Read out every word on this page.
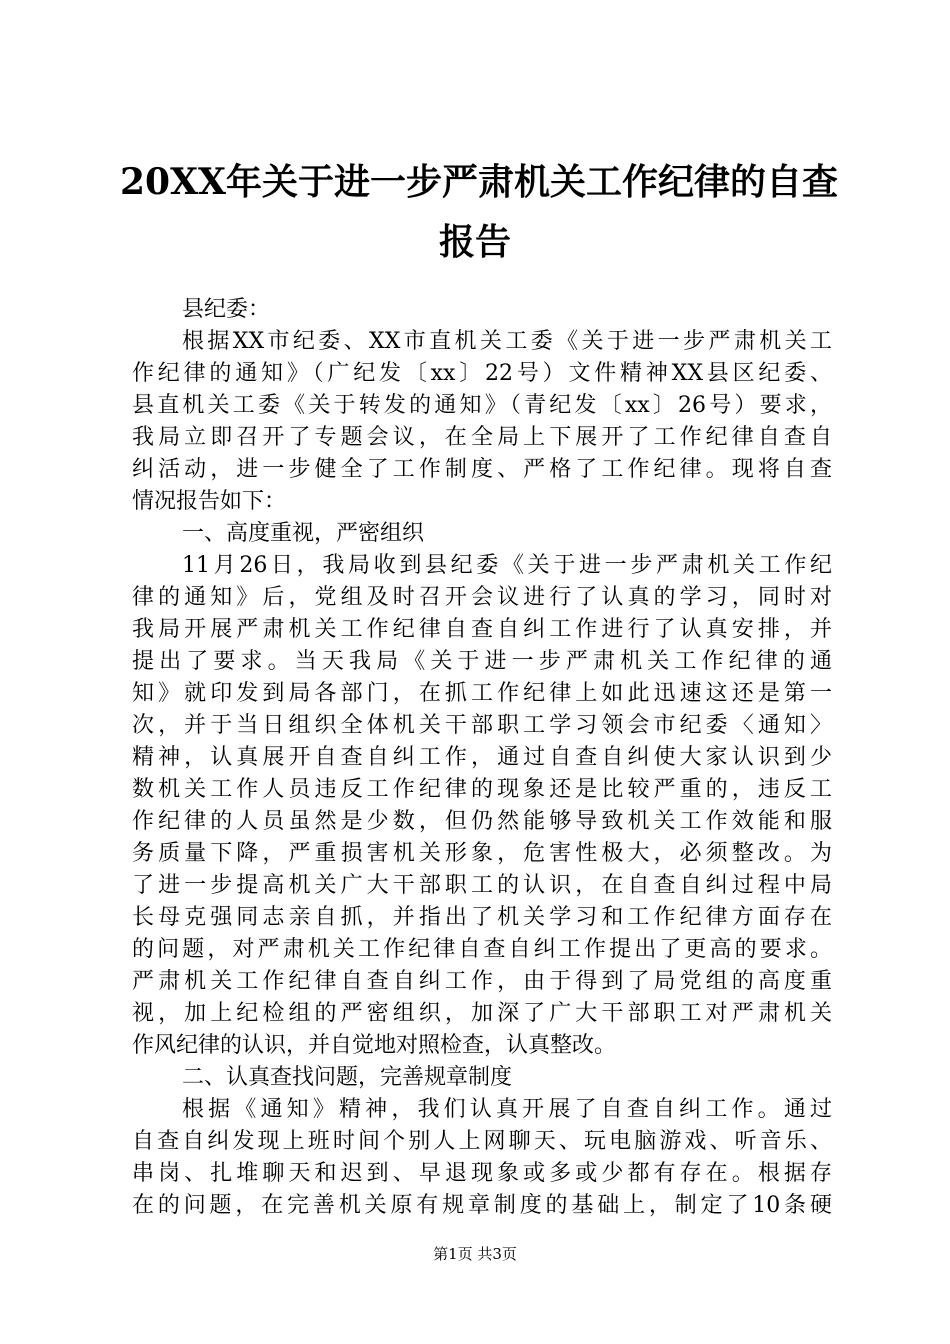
20XX年关于进一步严肃机关工作纪律的自查
报告
县纪委：
根据XX市纪委、XX市直机关工委《关于进一步严肃机关工
作纪律的通知》（广纪发〔xx〕22号）文件精神XX县区纪委、
县直机关工委《关于转发的通知》（青纪发〔xx〕26号）要求，
我局立即召开了专题会议，在全局上下展开了工作纪律自查自
纠活动，进一步健全了工作制度、严格了工作纪律。现将自查
情况报告如下：
一、高度重视，严密组织
11月26日，我局收到县纪委《关于进一步严肃机关工作纪
律的通知》后，党组及时召开会议进行了认真的学习，同时对
我局开展严肃机关工作纪律自查自纠工作进行了认真安排，并
提出了要求。当天我局《关于进一步严肃机关工作纪律的通
知》就印发到局各部门，在抓工作纪律上如此迅速这还是第一
次，并于当日组织全体机关干部职工学习领会市纪委〈通知〉
精神，认真展开自查自纠工作，通过自查自纠使大家认识到少
数机关工作人员违反工作纪律的现象还是比较严重的，违反工
作纪律的人员虽然是少数，但仍然能够导致机关工作效能和服
务质量下降，严重损害机关形象，危害性极大，必须整改。为
了进一步提高机关广大干部职工的认识，在自查自纠过程中局
长母克强同志亲自抓，并指出了机关学习和工作纪律方面存在
的问题，对严肃机关工作纪律自查自纠工作提出了更高的要求。
严肃机关工作纪律自查自纠工作，由于得到了局党组的高度重
视，加上纪检组的严密组织，加深了广大干部职工对严肃机关
作风纪律的认识，并自觉地对照检查，认真整改。
二、认真查找问题，完善规章制度
根据《通知》精神，我们认真开展了自查自纠工作。通过
自查自纠发现上班时间个别人上网聊天、玩电脑游戏、听音乐、
串岗、扎堆聊天和迟到、早退现象或多或少都有存在。根据存
在的问题，在完善机关原有规章制度的基础上，制定了10条硬
第1页 共3页
